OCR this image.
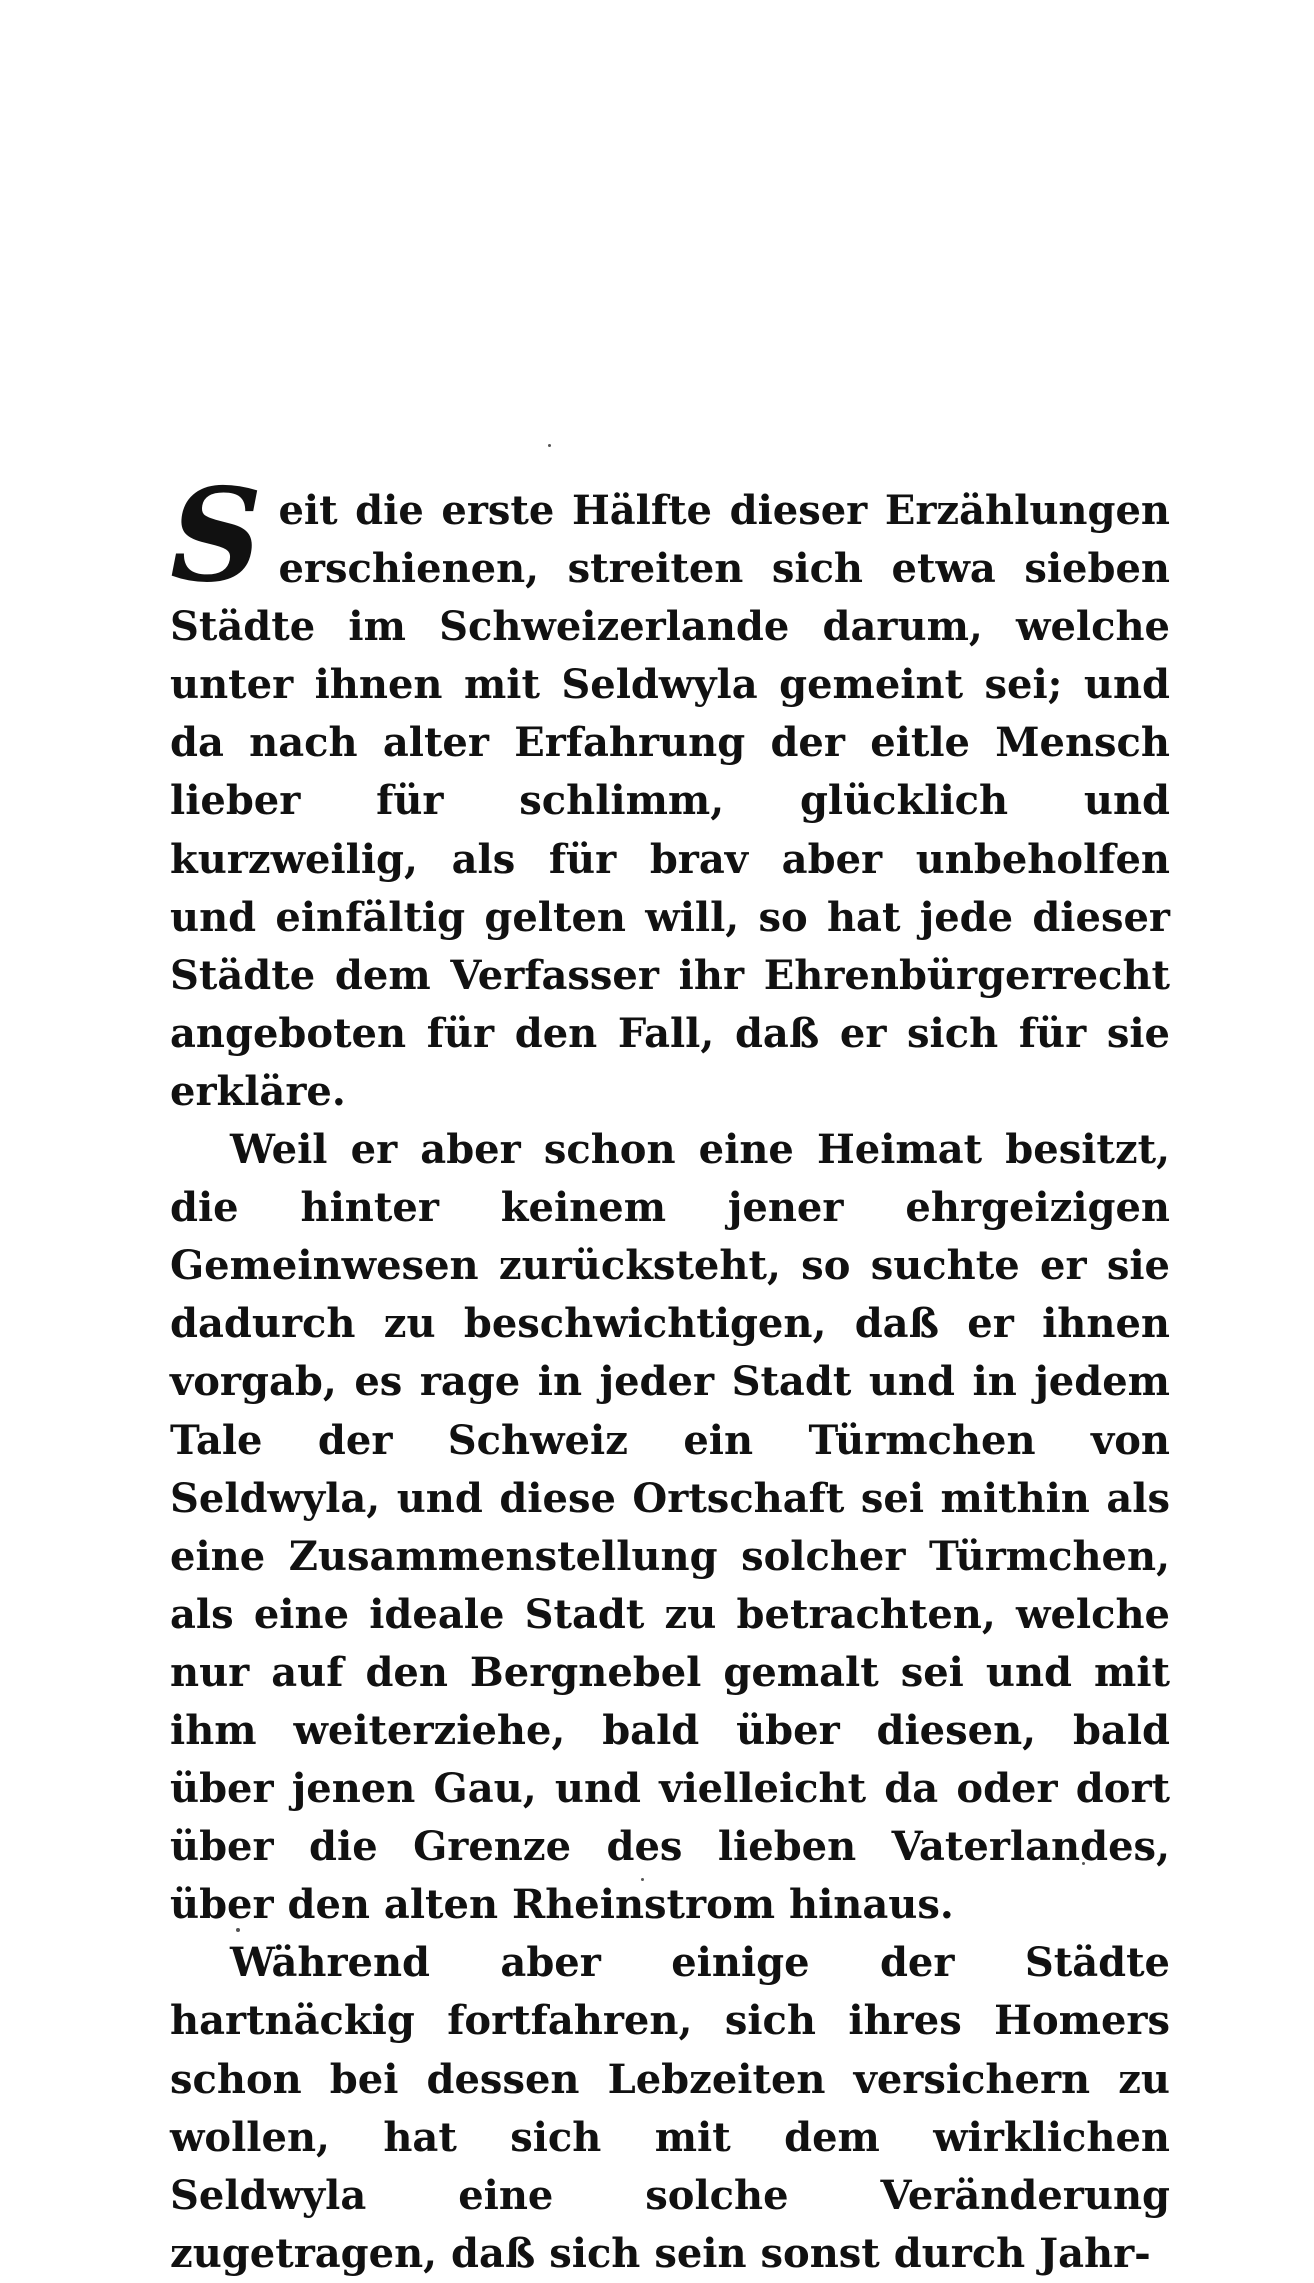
Seit die erste Hälfte dieser Erzählungen erschienen, streiten sich etwa sieben Städte im Schweizerlande darum, welche unter ihnen mit Seldwyla gemeint sei; und da nach alter Erfahrung der eitle Mensch lieber für schlimm, glücklich und kurzweilig, als für brav aber unbeholfen und einfältig gelten will, so hat jede dieser Städte dem Verfasser ihr Ehrenbürgerrecht angeboten für den Fall, daß er sich für sie erkläre.

Weil er aber schon eine Heimat besitzt, die hinter keinem jener ehrgeizigen Gemeinwesen zurücksteht, so suchte er sie dadurch zu beschwichtigen, daß er ihnen vorgab, es rage in jeder Stadt und in jedem Tale der Schweiz ein Türmchen von Seldwyla, und diese Ortschaft sei mithin als eine Zusammenstellung solcher Türmchen, als eine ideale Stadt zu betrachten, welche nur auf den Bergnebel gemalt sei und mit ihm weiterziehe, bald über diesen, bald über jenen Gau, und vielleicht da oder dort über die Grenze des lieben Vaterlandes, über den alten Rheinstrom hinaus.

Während aber einige der Städte hartnäckig fortfahren, sich ihres Homers schon bei dessen Lebzeiten versichern zu wollen, hat sich mit dem wirklichen Seldwyla eine solche Veränderung zugetragen, daß sich sein sonst durch Jahr-
